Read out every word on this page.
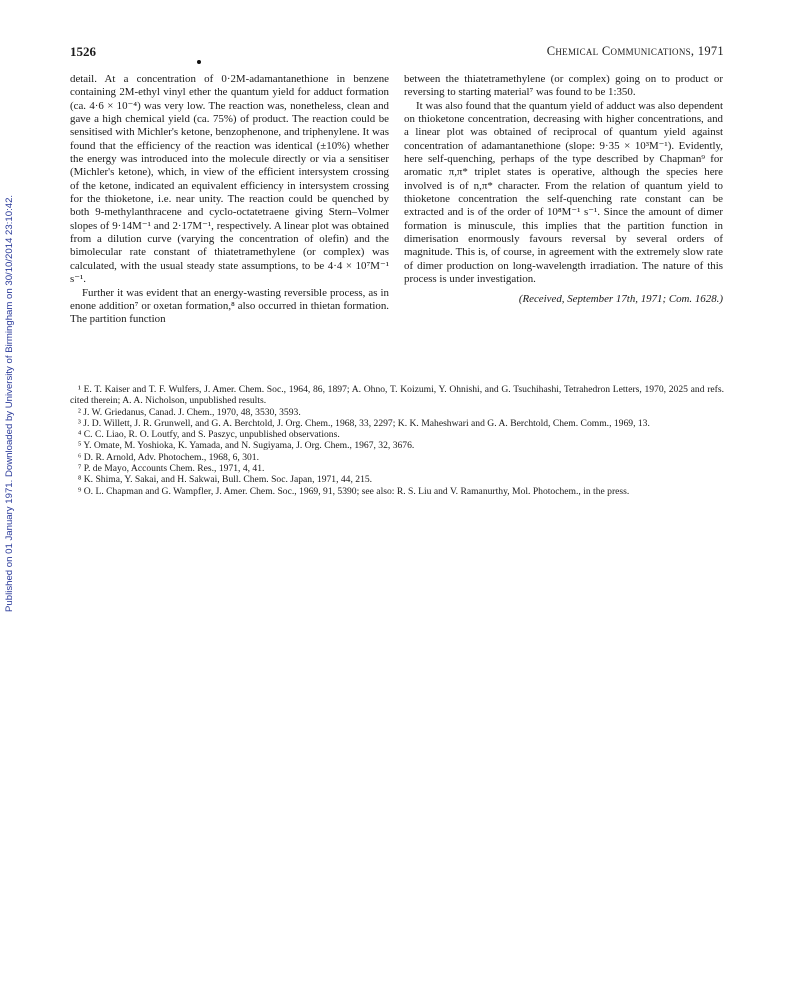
Published on 01 January 1971. Downloaded by University of Birmingham on 30/10/2014 23:10:42.
1526	Chemical Communications, 1971

detail. At a concentration of 0·2M-adamantanethione in benzene containing 2M-ethyl vinyl ether the quantum yield for adduct formation (ca. 4·6 × 10⁻⁴) was very low. The reaction was, nonetheless, clean and gave a high chemical yield (ca. 75%) of product. The reaction could be sensitised with Michler's ketone, benzophenone, and triphenylene. It was found that the efficiency of the reaction was identical (±10%) whether the energy was introduced into the molecule directly or via a sensitiser (Michler's ketone), which, in view of the efficient intersystem crossing of the ketone, indicated an equivalent efficiency in intersystem crossing for the thioketone, i.e. near unity. The reaction could be quenched by both 9-methylanthracene and cyclo-octatetraene giving Stern–Volmer slopes of 9·14M⁻¹ and 2·17M⁻¹, respectively. A linear plot was obtained from a dilution curve (varying the concentration of olefin) and the bimolecular rate constant of thiatetramethylene (or complex) was calculated, with the usual steady state assumptions, to be 4·4 × 10⁷M⁻¹ s⁻¹.

Further it was evident that an energy-wasting reversible process, as in enone addition⁷ or oxetan formation,⁸ also occurred in thietan formation. The partition function

between the thiatetramethylene (or complex) going on to product or reversing to starting material⁷ was found to be 1:350.

It was also found that the quantum yield of adduct was also dependent on thioketone concentration, decreasing with higher concentrations, and a linear plot was obtained of reciprocal of quantum yield against concentration of adamantanethione (slope: 9·35 × 10³M⁻¹). Evidently, here self-quenching, perhaps of the type described by Chapman⁹ for aromatic π,π* triplet states is operative, although the species here involved is of n,π* character. From the relation of quantum yield to thioketone concentration the self-quenching rate constant can be extracted and is of the order of 10⁸M⁻¹ s⁻¹. Since the amount of dimer formation is minuscule, this implies that the partition function in dimerisation enormously favours reversal by several orders of magnitude. This is, of course, in agreement with the extremely slow rate of dimer production on long-wavelength irradiation. The nature of this process is under investigation.

(Received, September 17th, 1971; Com. 1628.)

¹ E. T. Kaiser and T. F. Wulfers, J. Amer. Chem. Soc., 1964, 86, 1897; A. Ohno, T. Koizumi, Y. Ohnishi, and G. Tsuchihashi, Tetrahedron Letters, 1970, 2025 and refs. cited therein; A. A. Nicholson, unpublished results.

² J. W. Griedanus, Canad. J. Chem., 1970, 48, 3530, 3593.

³ J. D. Willett, J. R. Grunwell, and G. A. Berchtold, J. Org. Chem., 1968, 33, 2297; K. K. Maheshwari and G. A. Berchtold, Chem. Comm., 1969, 13.

⁴ C. C. Liao, R. O. Loutfy, and S. Paszyc, unpublished observations.

⁵ Y. Omate, M. Yoshioka, K. Yamada, and N. Sugiyama, J. Org. Chem., 1967, 32, 3676.

⁶ D. R. Arnold, Adv. Photochem., 1968, 6, 301.

⁷ P. de Mayo, Accounts Chem. Res., 1971, 4, 41.

⁸ K. Shima, Y. Sakai, and H. Sakwai, Bull. Chem. Soc. Japan, 1971, 44, 215.

⁹ O. L. Chapman and G. Wampfler, J. Amer. Chem. Soc., 1969, 91, 5390; see also: R. S. Liu and V. Ramanurthy, Mol. Photochem., in the press.
